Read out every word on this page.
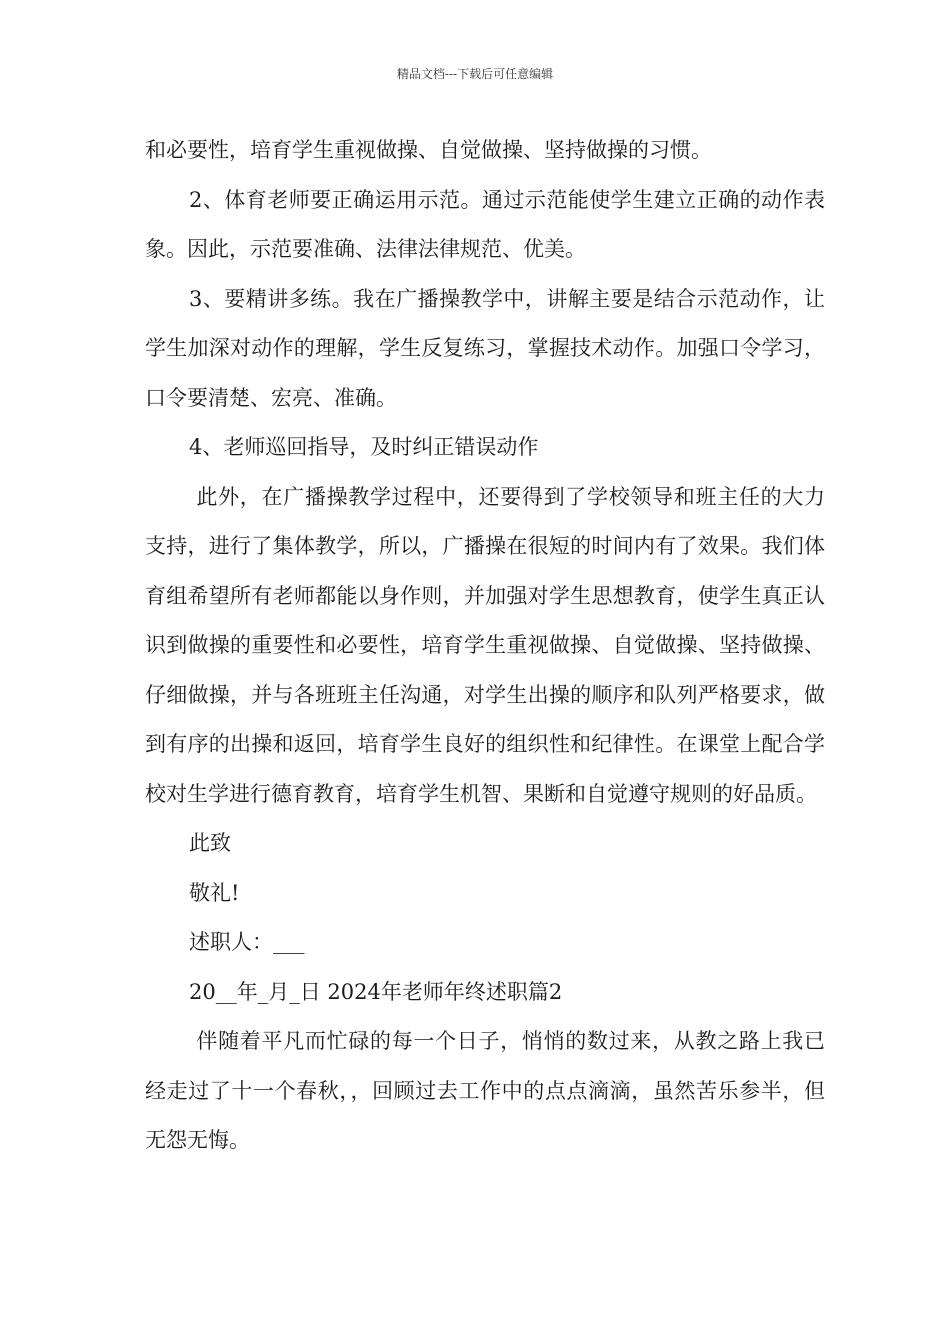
精品文档---下载后可任意编辑

和必要性，培育学生重视做操、自觉做操、坚持做操的习惯。

2、体育老师要正确运用示范。通过示范能使学生建立正确的动作表象。因此，示范要准确、法律法律规范、优美。

3、要精讲多练。我在广播操教学中，讲解主要是结合示范动作，让学生加深对动作的理解，学生反复练习，掌握技术动作。加强口令学习，口令要清楚、宏亮、准确。

4、老师巡回指导，及时纠正错误动作

此外，在广播操教学过程中，还要得到了学校领导和班主任的大力支持，进行了集体教学，所以，广播操在很短的时间内有了效果。我们体育组希望所有老师都能以身作则，并加强对学生思想教育，使学生真正认识到做操的重要性和必要性，培育学生重视做操、自觉做操、坚持做操、仔细做操，并与各班班主任沟通，对学生出操的顺序和队列严格要求，做到有序的出操和返回，培育学生良好的组织性和纪律性。在课堂上配合学校对生学进行德育教育，培育学生机智、果断和自觉遵守规则的好品质。

此致

敬礼!

述职人：___

20__年_月_日 2024年老师年终述职篇2

伴随着平凡而忙碌的每一个日子，悄悄的数过来，从教之路上我已经走过了十一个春秋，，回顾过去工作中的点点滴滴，虽然苦乐参半，但无怨无悔。
